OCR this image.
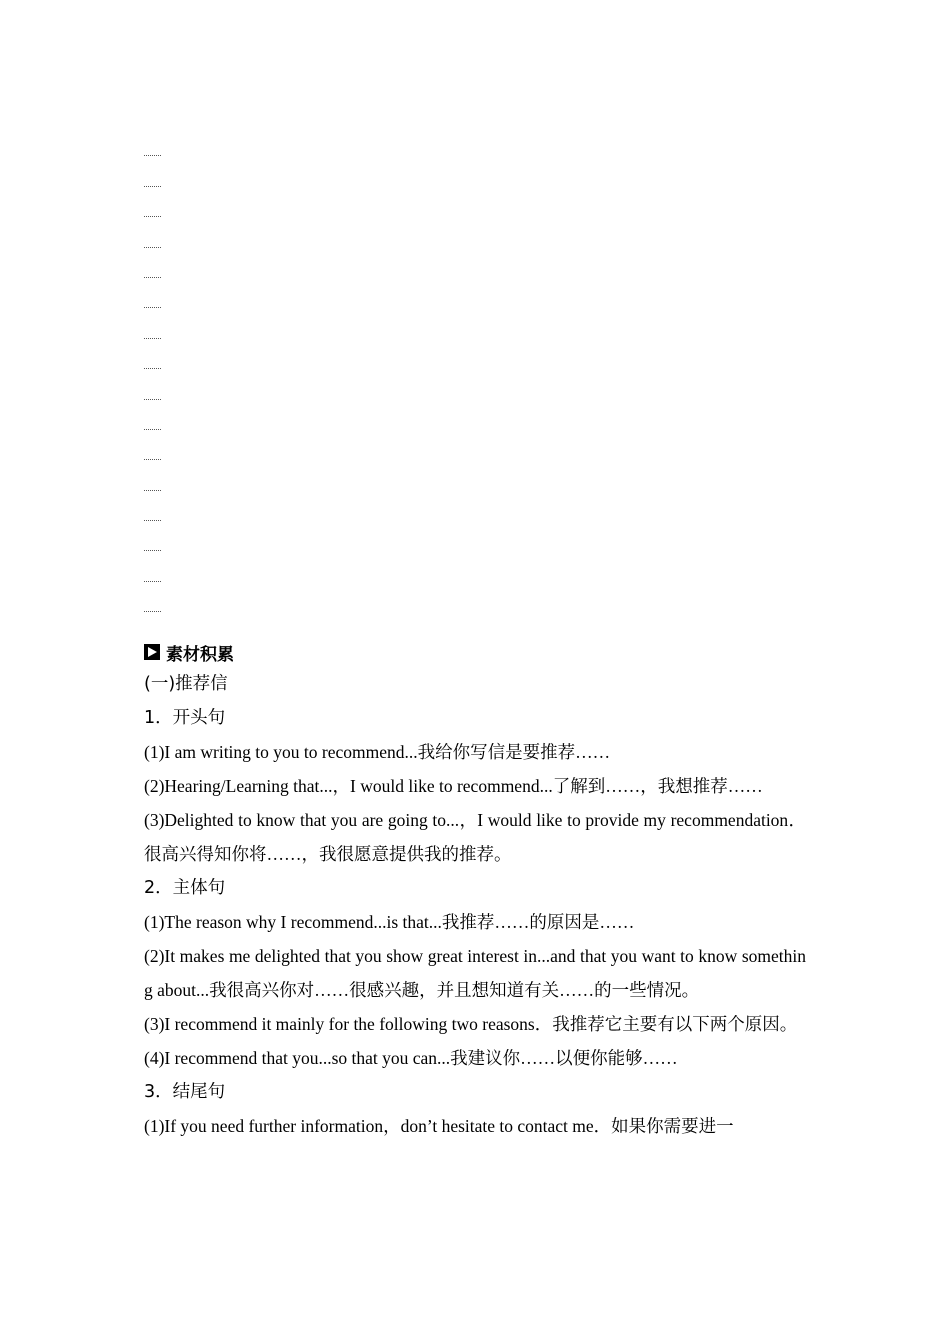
素材积累
(一)推荐信
1．开头句
(1)I am writing to you to recommend...我给你写信是要推荐……
(2)Hearing/Learning that...，I would like to recommend...了解到……，我想推荐……
(3)Delighted to know that you are going to...，I would like to provide my recommendation．很高兴得知你将……，我很愿意提供我的推荐。
2．主体句
(1)The reason why I recommend...is that...我推荐……的原因是……
(2)It makes me delighted that you show great interest in...and that you want to know something about...我很高兴你对……很感兴趣，并且想知道有关……的一些情况。
(3)I recommend it mainly for the following two reasons．我推荐它主要有以下两个原因。
(4)I recommend that you...so that you can...我建议你……以便你能够……
3．结尾句
(1)If you need further information，don’t hesitate to contact me．如果你需要进一
